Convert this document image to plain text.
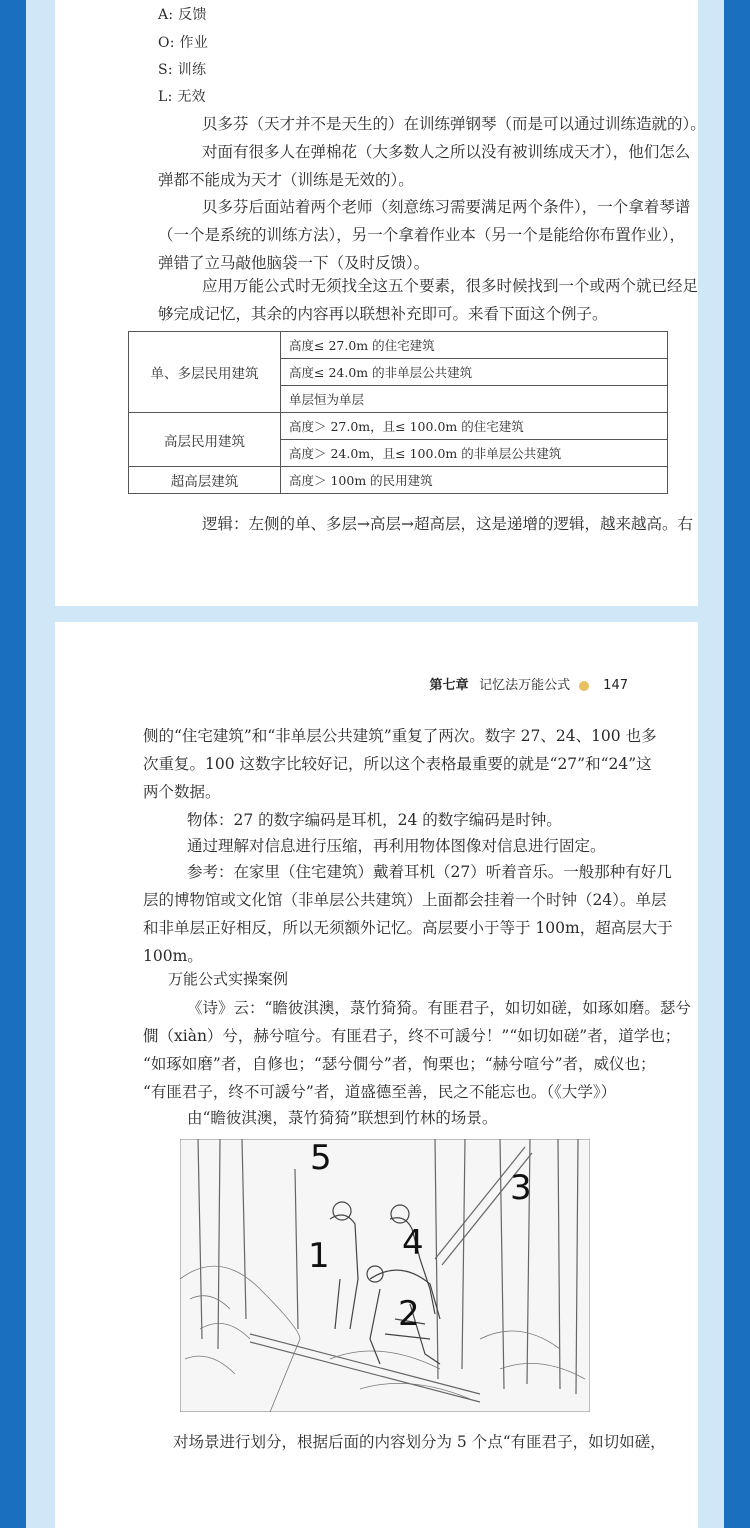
A: 反馈
O: 作业
S: 训练
L: 无效
贝多芬（天才并不是天生的）在训练弹钢琴（而是可以通过训练造就的）。
对面有很多人在弹棉花（大多数人之所以没有被训练成天才），他们怎么
弹都不能成为天才（训练是无效的）。
贝多芬后面站着两个老师（刻意练习需要满足两个条件），一个拿着琴谱
（一个是系统的训练方法），另一个拿着作业本（另一个是能给你布置作业），
弹错了立马敲他脑袋一下（及时反馈）。
应用万能公式时无须找全这五个要素，很多时候找到一个或两个就已经足
够完成记忆，其余的内容再以联想补充即可。来看下面这个例子。
单、多层民用建筑	高度≤ 27.0m 的住宅建筑
	高度≤ 24.0m 的非单层公共建筑
	单层恒为单层
高层民用建筑	高度＞ 27.0m，且≤ 100.0m 的住宅建筑
	高度＞ 24.0m，且≤ 100.0m 的非单层公共建筑
超高层建筑	高度＞ 100m 的民用建筑
逻辑：左侧的单、多层→高层→超高层，这是递增的逻辑，越来越高。右
第七章 记忆法万能公式	147
侧的“住宅建筑”和“非单层公共建筑”重复了两次。数字 27、24、100 也多
次重复。100 这数字比较好记，所以这个表格最重要的就是“27”和“24”这
两个数据。
物体：27 的数字编码是耳机，24 的数字编码是时钟。
通过理解对信息进行压缩，再利用物体图像对信息进行固定。
参考：在家里（住宅建筑）戴着耳机（27）听着音乐。一般那种有好几
层的博物馆或文化馆（非单层公共建筑）上面都会挂着一个时钟（24）。单层
和非单层正好相反，所以无须额外记忆。高层要小于等于 100m，超高层大于
100m。
万能公式实操案例
《诗》云：“瞻彼淇澳，菉竹猗猗。有匪君子，如切如磋，如琢如磨。瑟兮
僩（xiàn）兮，赫兮喧兮。有匪君子，终不可諼兮！”“如切如磋”者，道学也；
“如琢如磨”者，自修也；“瑟兮僩兮”者，恂栗也；“赫兮喧兮”者，威仪也；
“有匪君子，终不可諼兮”者，道盛德至善，民之不能忘也。（《大学》）
由“瞻彼淇澳，菉竹猗猗”联想到竹林的场景。
5
3
4
1
2
对场景进行划分，根据后面的内容划分为 5 个点“有匪君子，如切如磋，
